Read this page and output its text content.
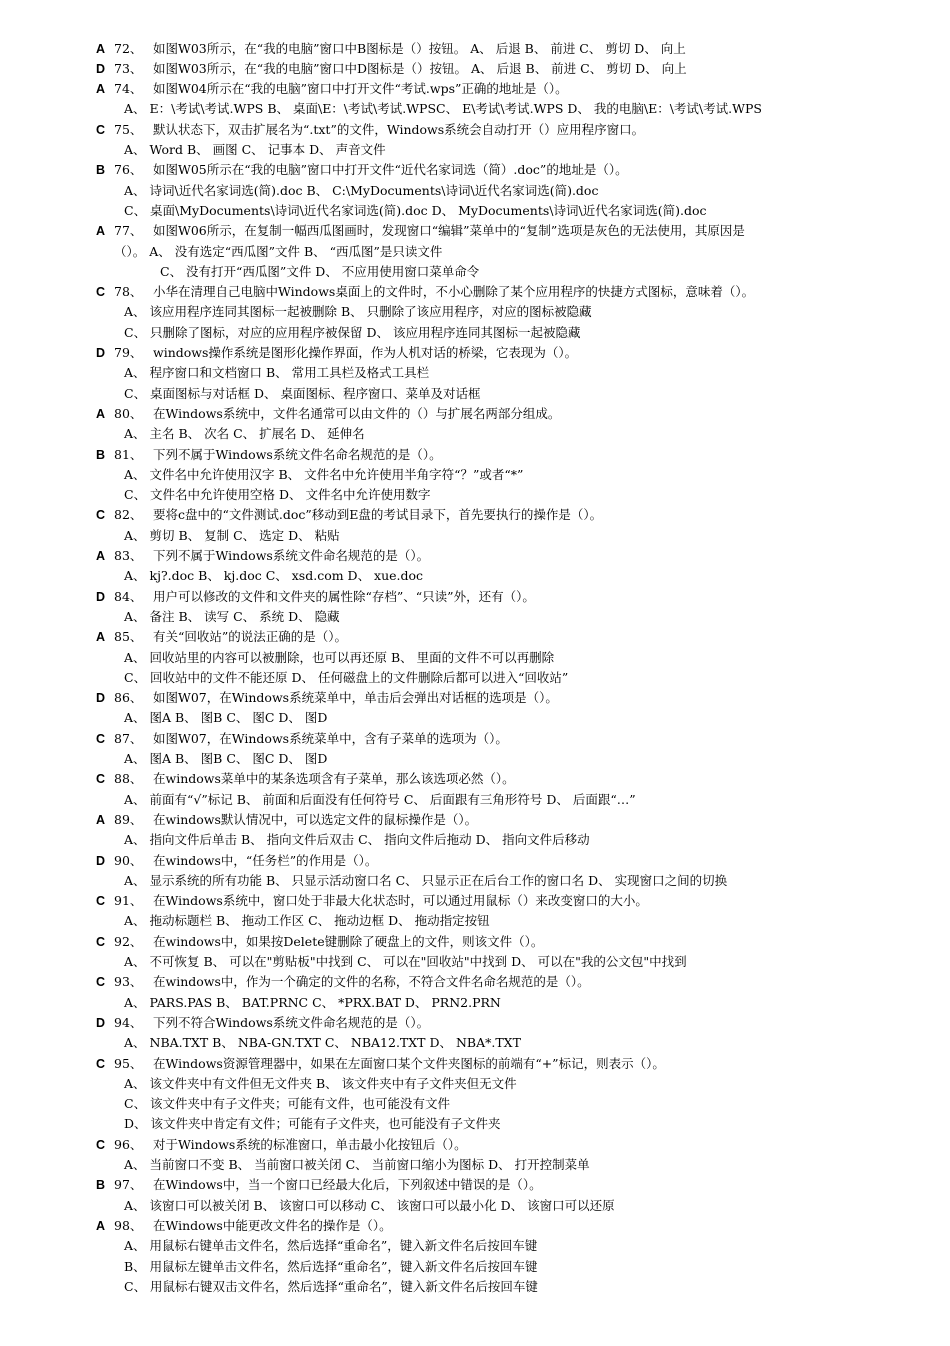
A 72、 如图W03所示，在“我的电脑”窗口中B图标是（）按钮。 A、 后退 B、 前进 C、 剪切 D、 向上
D 73、 如图W03所示，在“我的电脑”窗口中D图标是（）按钮。 A、 后退 B、 前进 C、 剪切 D、 向上
A 74、 如图W04所示在“我的电脑”窗口中打开文件“考试.wps”正确的地址是（）。
A、 E：\考试\考试.WPS B、 桌面\E：\考试\考试.WPSC、 E\考试\考试.WPS D、 我的电脑\E：\考试\考试.WPS
C 75、 默认状态下，双击扩展名为“.txt”的文件，Windows系统会自动打开（）应用程序窗口。
A、 Word B、 画图 C、 记事本 D、 声音文件
B 76、 如图W05所示在“我的电脑”窗口中打开文件“近代名家词选（简）.doc”的地址是（）。
A、 诗词\近代名家词选(简).doc B、 C:\MyDocuments\诗词\近代名家词选(简).doc
C、 桌面\MyDocuments\诗词\近代名家词选(简).doc D、 MyDocuments\诗词\近代名家词选(简).doc
A 77、 如图W06所示，在复制一幅西瓜图画时，发现窗口“编辑”菜单中的“复制”选项是灰色的无法使用，其原因是
（）。 A、 没有选定“西瓜图”文件 B、 “西瓜图”是只读文件
C、 没有打开“西瓜图”文件 D、 不应用使用窗口菜单命令
C 78、 小华在清理自己电脑中Windows桌面上的文件时，不小心删除了某个应用程序的快捷方式图标，意味着（）。
A、 该应用程序连同其图标一起被删除 B、 只删除了该应用程序，对应的图标被隐藏
C、 只删除了图标，对应的应用程序被保留 D、 该应用程序连同其图标一起被隐藏
D 79、 windows操作系统是图形化操作界面，作为人机对话的桥梁，它表现为（）。
A、 程序窗口和文档窗口 B、 常用工具栏及格式工具栏
C、 桌面图标与对话框 D、 桌面图标、程序窗口、菜单及对话框
A 80、 在Windows系统中，文件名通常可以由文件的（）与扩展名两部分组成。
A、 主名 B、 次名 C、 扩展名 D、 延伸名
B 81、 下列不属于Windows系统文件名命名规范的是（）。
A、 文件名中允许使用汉字 B、 文件名中允许使用半角字符“？”或者“*”
C、 文件名中允许使用空格 D、 文件名中允许使用数字
C 82、 要将c盘中的“文件测试.doc”移动到E盘的考试目录下，首先要执行的操作是（）。
A、 剪切 B、 复制 C、 选定 D、 粘贴
A 83、 下列不属于Windows系统文件命名规范的是（）。
A、 kj?.doc B、 kj.doc C、 xsd.com D、 xue.doc
D 84、 用户可以修改的文件和文件夹的属性除“存档”、“只读”外，还有（）。
A、 备注 B、 读写 C、 系统 D、 隐藏
A 85、 有关“回收站”的说法正确的是（）。
A、 回收站里的内容可以被删除，也可以再还原 B、 里面的文件不可以再删除
C、 回收站中的文件不能还原 D、 任何磁盘上的文件删除后都可以进入“回收站”
D 86、 如图W07，在Windows系统菜单中，单击后会弹出对话框的选项是（）。
A、 图A B、 图B C、 图C D、 图D
C 87、 如图W07，在Windows系统菜单中，含有子菜单的选项为（）。
A、 图A B、 图B C、 图C D、 图D
C 88、 在windows菜单中的某条选项含有子菜单，那么该选项必然（）。
A、 前面有“√”标记 B、 前面和后面没有任何符号 C、 后面跟有三角形符号 D、 后面跟“…”
A 89、 在windows默认情况中，可以选定文件的鼠标操作是（）。
A、 指向文件后单击 B、 指向文件后双击 C、 指向文件后拖动 D、 指向文件后移动
D 90、 在windows中，“任务栏”的作用是（）。
A、 显示系统的所有功能 B、 只显示活动窗口名 C、 只显示正在后台工作的窗口名 D、 实现窗口之间的切换
C 91、 在Windows系统中，窗口处于非最大化状态时，可以通过用鼠标（）来改变窗口的大小。
A、 拖动标题栏 B、 拖动工作区 C、 拖动边框 D、 拖动指定按钮
C 92、 在windows中，如果按Delete键删除了硬盘上的文件，则该文件（）。
A、 不可恢复 B、 可以在"剪贴板"中找到 C、 可以在"回收站"中找到 D、 可以在"我的公文包"中找到
C 93、 在windows中，作为一个确定的文件的名称，不符合文件名命名规范的是（）。
A、 PARS.PAS B、 BAT.PRNC C、 *PRX.BAT D、 PRN2.PRN
D 94、 下列不符合Windows系统文件命名规范的是（）。
A、 NBA.TXT B、 NBA-GN.TXT C、 NBA12.TXT D、 NBA*.TXT
C 95、 在Windows资源管理器中，如果在左面窗口某个文件夹图标的前端有“+”标记，则表示（）。
A、 该文件夹中有文件但无文件夹 B、 该文件夹中有子文件夹但无文件
C、 该文件夹中有子文件夹；可能有文件，也可能没有文件
D、 该文件夹中肯定有文件；可能有子文件夹，也可能没有子文件夹
C 96、 对于Windows系统的标准窗口，单击最小化按钮后（）。
A、 当前窗口不变 B、 当前窗口被关闭 C、 当前窗口缩小为图标 D、 打开控制菜单
B 97、 在Windows中，当一个窗口已经最大化后，下列叙述中错误的是（）。
A、 该窗口可以被关闭 B、 该窗口可以移动 C、 该窗口可以最小化 D、 该窗口可以还原
A 98、 在Windows中能更改文件名的操作是（）。
A、 用鼠标右键单击文件名，然后选择“重命名”，键入新文件名后按回车键
B、 用鼠标左键单击文件名，然后选择“重命名”，键入新文件名后按回车键
C、 用鼠标右键双击文件名，然后选择“重命名”，键入新文件名后按回车键
